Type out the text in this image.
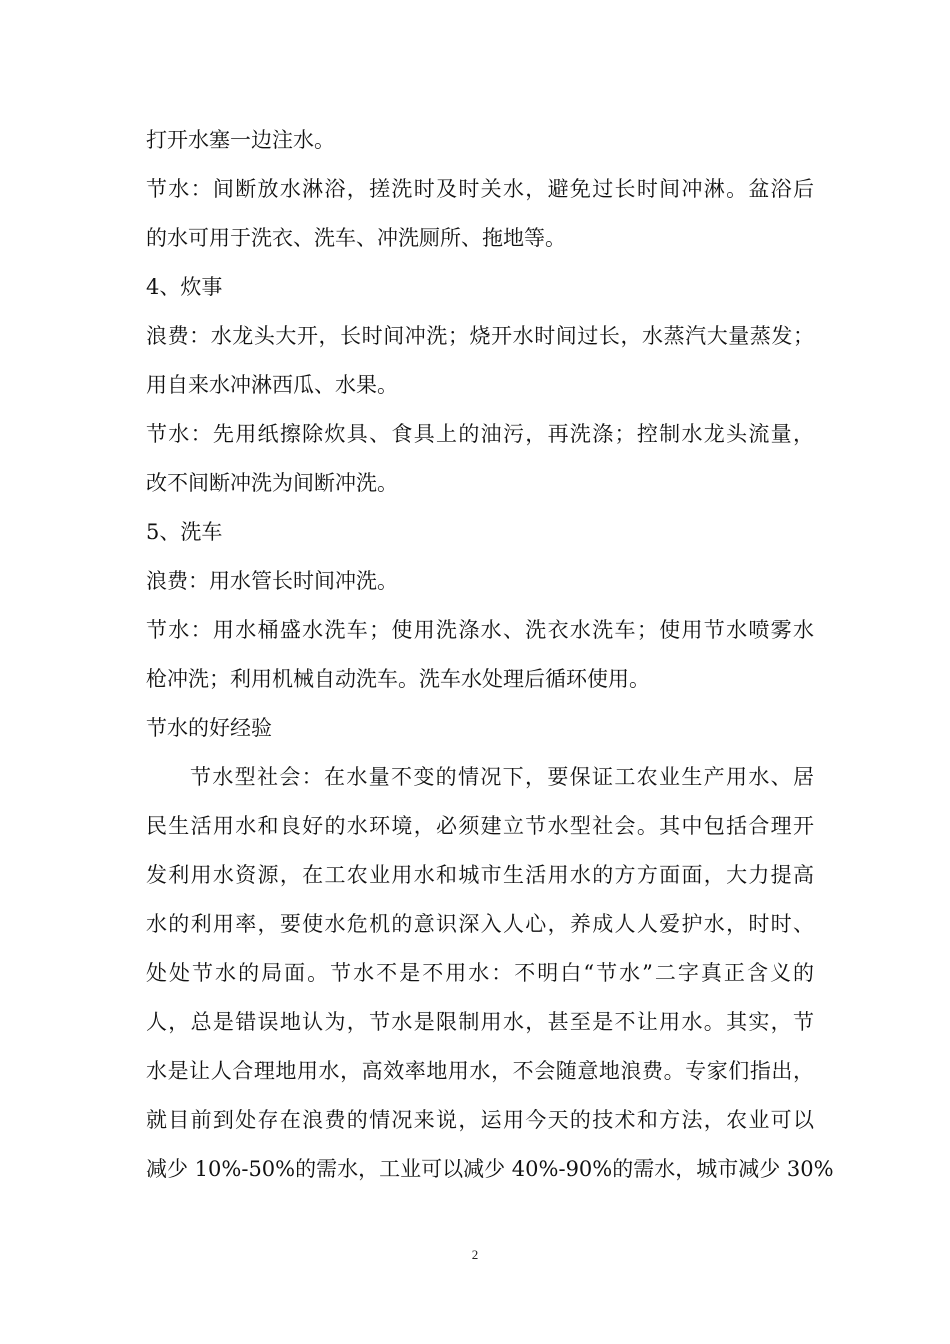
打开水塞一边注水。
节水：间断放水淋浴，搓洗时及时关水，避免过长时间冲淋。盆浴后
的水可用于洗衣、洗车、冲洗厕所、拖地等。
4、炊事
浪费：水龙头大开，长时间冲洗；烧开水时间过长，水蒸汽大量蒸发；
用自来水冲淋西瓜、水果。
节水：先用纸擦除炊具、食具上的油污，再洗涤；控制水龙头流量，
改不间断冲洗为间断冲洗。
5、洗车
浪费：用水管长时间冲洗。
节水：用水桶盛水洗车；使用洗涤水、洗衣水洗车；使用节水喷雾水
枪冲洗；利用机械自动洗车。洗车水处理后循环使用。
节水的好经验
节水型社会：在水量不变的情况下，要保证工农业生产用水、居
民生活用水和良好的水环境，必须建立节水型社会。其中包括合理开
发利用水资源，在工农业用水和城市生活用水的方方面面，大力提高
水的利用率，要使水危机的意识深入人心，养成人人爱护水，时时、
处处节水的局面。节水不是不用水：不明白“节水”二字真正含义的
人，总是错误地认为，节水是限制用水，甚至是不让用水。其实，节
水是让人合理地用水，高效率地用水，不会随意地浪费。专家们指出，
就目前到处存在浪费的情况来说，运用今天的技术和方法，农业可以
减少 10%-50%的需水，工业可以减少 40%-90%的需水，城市减少 30%
2
